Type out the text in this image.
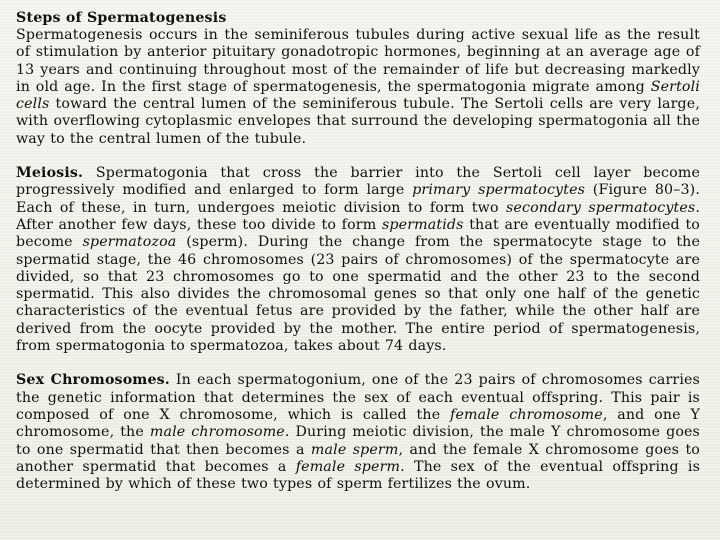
Steps of Spermatogenesis

Spermatogenesis occurs in the seminiferous tubules during active sexual life as the result of stimulation by anterior pituitary gonadotropic hormones, beginning at an average age of 13 years and continuing throughout most of the remainder of life but decreasing markedly in old age. In the first stage of spermatogenesis, the spermatogonia migrate among Sertoli cells toward the central lumen of the seminiferous tubule. The Sertoli cells are very large, with overflowing cytoplasmic envelopes that surround the developing spermatogonia all the way to the central lumen of the tubule.

Meiosis. Spermatogonia that cross the barrier into the Sertoli cell layer become progressively modified and enlarged to form large primary spermatocytes (Figure 80–3). Each of these, in turn, undergoes meiotic division to form two secondary spermatocytes. After another few days, these too divide to form spermatids that are eventually modified to become spermatozoa (sperm). During the change from the spermatocyte stage to the spermatid stage, the 46 chromosomes (23 pairs of chromosomes) of the spermatocyte are divided, so that 23 chromosomes go to one spermatid and the other 23 to the second spermatid. This also divides the chromosomal genes so that only one half of the genetic characteristics of the eventual fetus are provided by the father, while the other half are derived from the oocyte provided by the mother. The entire period of spermatogenesis, from spermatogonia to spermatozoa, takes about 74 days.

Sex Chromosomes. In each spermatogonium, one of the 23 pairs of chromosomes carries the genetic information that determines the sex of each eventual offspring. This pair is composed of one X chromosome, which is called the female chromosome, and one Y chromosome, the male chromosome. During meiotic division, the male Y chromosome goes to one spermatid that then becomes a male sperm, and the female X chromosome goes to another spermatid that becomes a female sperm. The sex of the eventual offspring is determined by which of these two types of sperm fertilizes the ovum.
